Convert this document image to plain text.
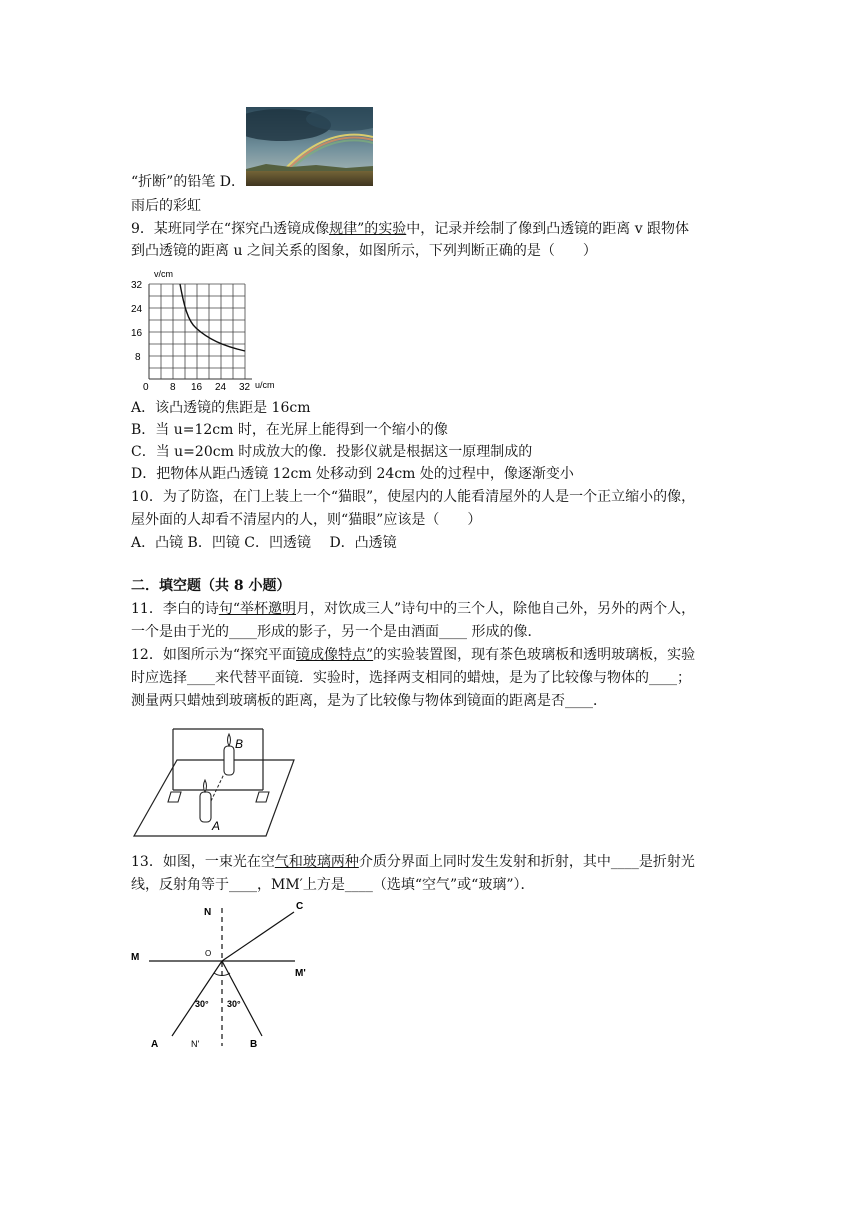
“折断”的铅笔 D．
雨后的彩虹
9．某班同学在“探究凸透镜成像规律”的实验中，记录并绘制了像到凸透镜的距离 v 跟物体
到凸透镜的距离 u 之间关系的图象，如图所示，下列判断正确的是（　　）
v/cm
u/cm
0
32
24
16
8
8 16 24 32
A．该凸透镜的焦距是 16cm
B．当 u=12cm 时，在光屏上能得到一个缩小的像
C．当 u=20cm 时成放大的像．投影仪就是根据这一原理制成的
D．把物体从距凸透镜 12cm 处移动到 24cm 处的过程中，像逐渐变小
10．为了防盗，在门上装上一个“猫眼”，使屋内的人能看清屋外的人是一个正立缩小的像，
屋外面的人却看不清屋内的人，则“猫眼”应该是（　　）
A．凸镜 B．凹镜 C．凹透镜　 D．凸透镜
二．填空题（共 8 小题）
11．李白的诗句“举杯邀明月，对饮成三人”诗句中的三个人，除他自己外，另外的两个人，
一个是由于光的____形成的影子，另一个是由酒面____ 形成的像．
12．如图所示为“探究平面镜成像特点”的实验装置图，现有茶色玻璃板和透明玻璃板，实验
时应选择____来代替平面镜．实验时，选择两支相同的蜡烛，是为了比较像与物体的____；
测量两只蜡烛到玻璃板的距离，是为了比较像与物体到镜面的距离是否____．
B
A
13．如图，一束光在空气和玻璃两种介质分界面上同时发生发射和折射，其中____是折射光
线，反射角等于____，MM′上方是____（选填“空气”或“玻璃”）．
N
C
M	O
M'
30° 30°
A	N'	B
